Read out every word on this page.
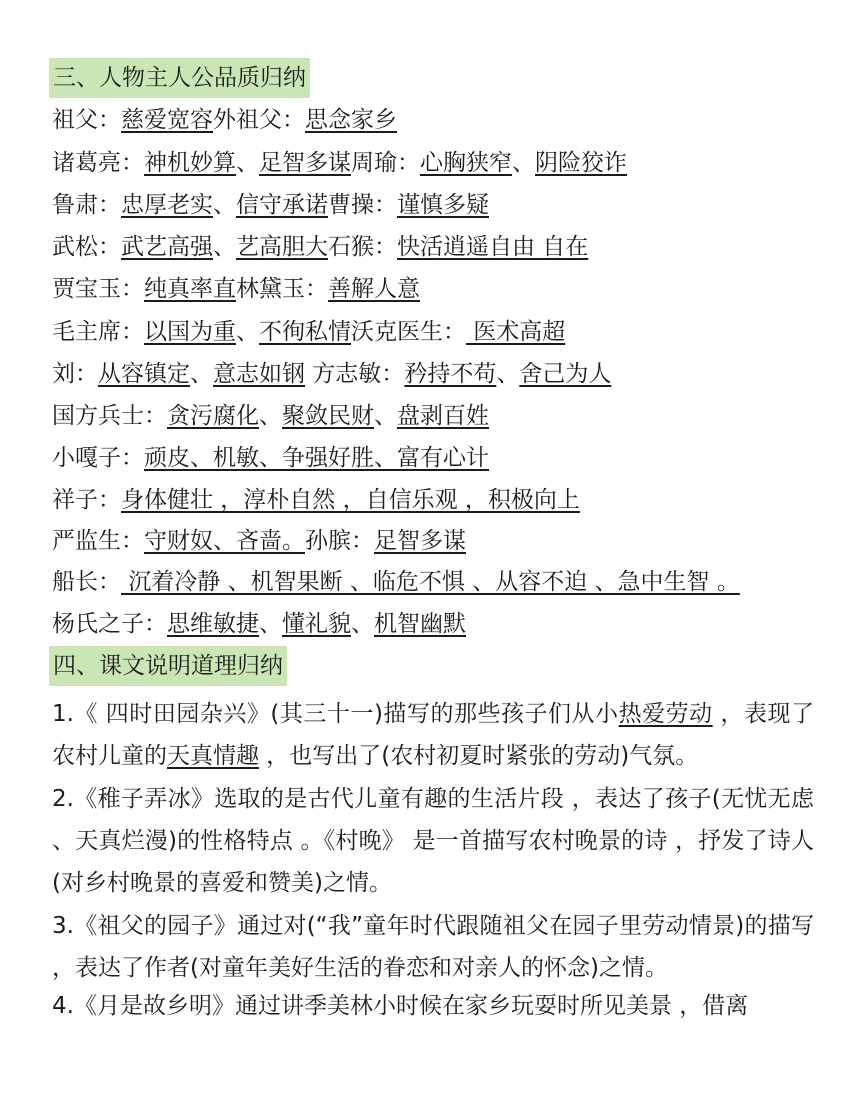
三、人物主人公品质归纳
祖父：慈爱宽容外祖父：思念家乡
诸葛亮：神机妙算、足智多谋周瑜：心胸狭窄、阴险狡诈
鲁肃：忠厚老实、信守承诺曹操：谨慎多疑
武松：武艺高强、艺高胆大石猴：快活逍遥自由 自在
贾宝玉：纯真率直林黛玉：善解人意
毛主席：以国为重、不徇私情沃克医生： 医术高超
刘：从容镇定、意志如钢 方志敏：矜持不苟、舍己为人
国方兵士：贪污腐化、聚敛民财、盘剥百姓
小嘎子：顽皮、机敏、争强好胜、富有心计
祥子：身体健壮 ，淳朴自然 ，自信乐观 ，积极向上
严监生：守财奴、吝啬。孙膑：足智多谋
船长： 沉着冷静 、机智果断 、临危不惧 、从容不迫 、急中生智 。
杨氏之子：思维敏捷、懂礼貌、机智幽默
四、课文说明道理归纳
1.《 四时田园杂兴》(其三十一)描写的那些孩子们从小热爱劳动 ，表现了农村儿童的天真情趣 ，也写出了(农村初夏时紧张的劳动)气氛。
2.《稚子弄冰》选取的是古代儿童有趣的生活片段 ，表达了孩子(无忧无虑 、天真烂漫)的性格特点 。《村晚》 是一首描写农村晚景的诗 ，抒发了诗人(对乡村晚景的喜爱和赞美)之情。
3.《祖父的园子》通过对(“我”童年时代跟随祖父在园子里劳动情景)的描写 ，表达了作者(对童年美好生活的眷恋和对亲人的怀念)之情。
4.《月是故乡明》通过讲季美林小时候在家乡玩耍时所见美景 ，借离
